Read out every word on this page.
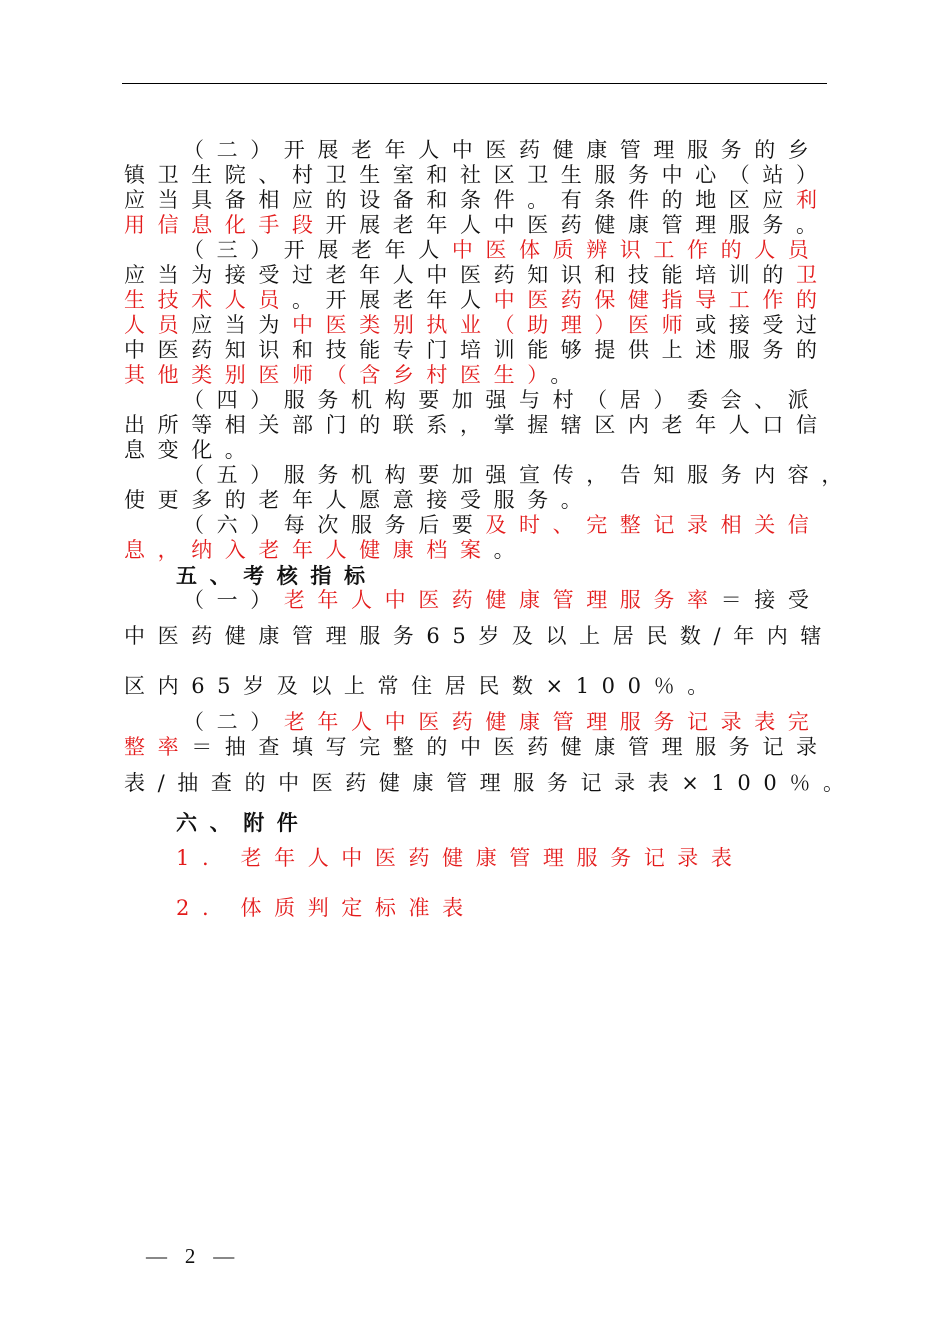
（二）开展老年人中医药健康管理服务的乡
镇卫生院、村卫生室和社区卫生服务中心（站）
应当具备相应的设备和条件。有条件的地区应利
用信息化手段开展老年人中医药健康管理服务。
（三）开展老年人中医体质辨识工作的人员
应当为接受过老年人中医药知识和技能培训的卫
生技术人员。开展老年人中医药保健指导工作的
人员应当为中医类别执业（助理）医师或接受过
中医药知识和技能专门培训能够提供上述服务的
其他类别医师（含乡村医生）。
（四）服务机构要加强与村（居）委会、派
出所等相关部门的联系，掌握辖区内老年人口信
息变化。
（五）服务机构要加强宣传，告知服务内容，
使更多的老年人愿意接受服务。
（六）每次服务后要及时、完整记录相关信
息，纳入老年人健康档案。
五、考核指标
（一）老年人中医药健康管理服务率＝接受
中医药健康管理服务65岁及以上居民数/年内辖
区内65岁及以上常住居民数×100％。
（二）老年人中医药健康管理服务记录表完
整率＝抽查填写完整的中医药健康管理服务记录
表/抽查的中医药健康管理服务记录表×100％。
六、附件
1. 老年人中医药健康管理服务记录表
2. 体质判定标准表
— 2 —
